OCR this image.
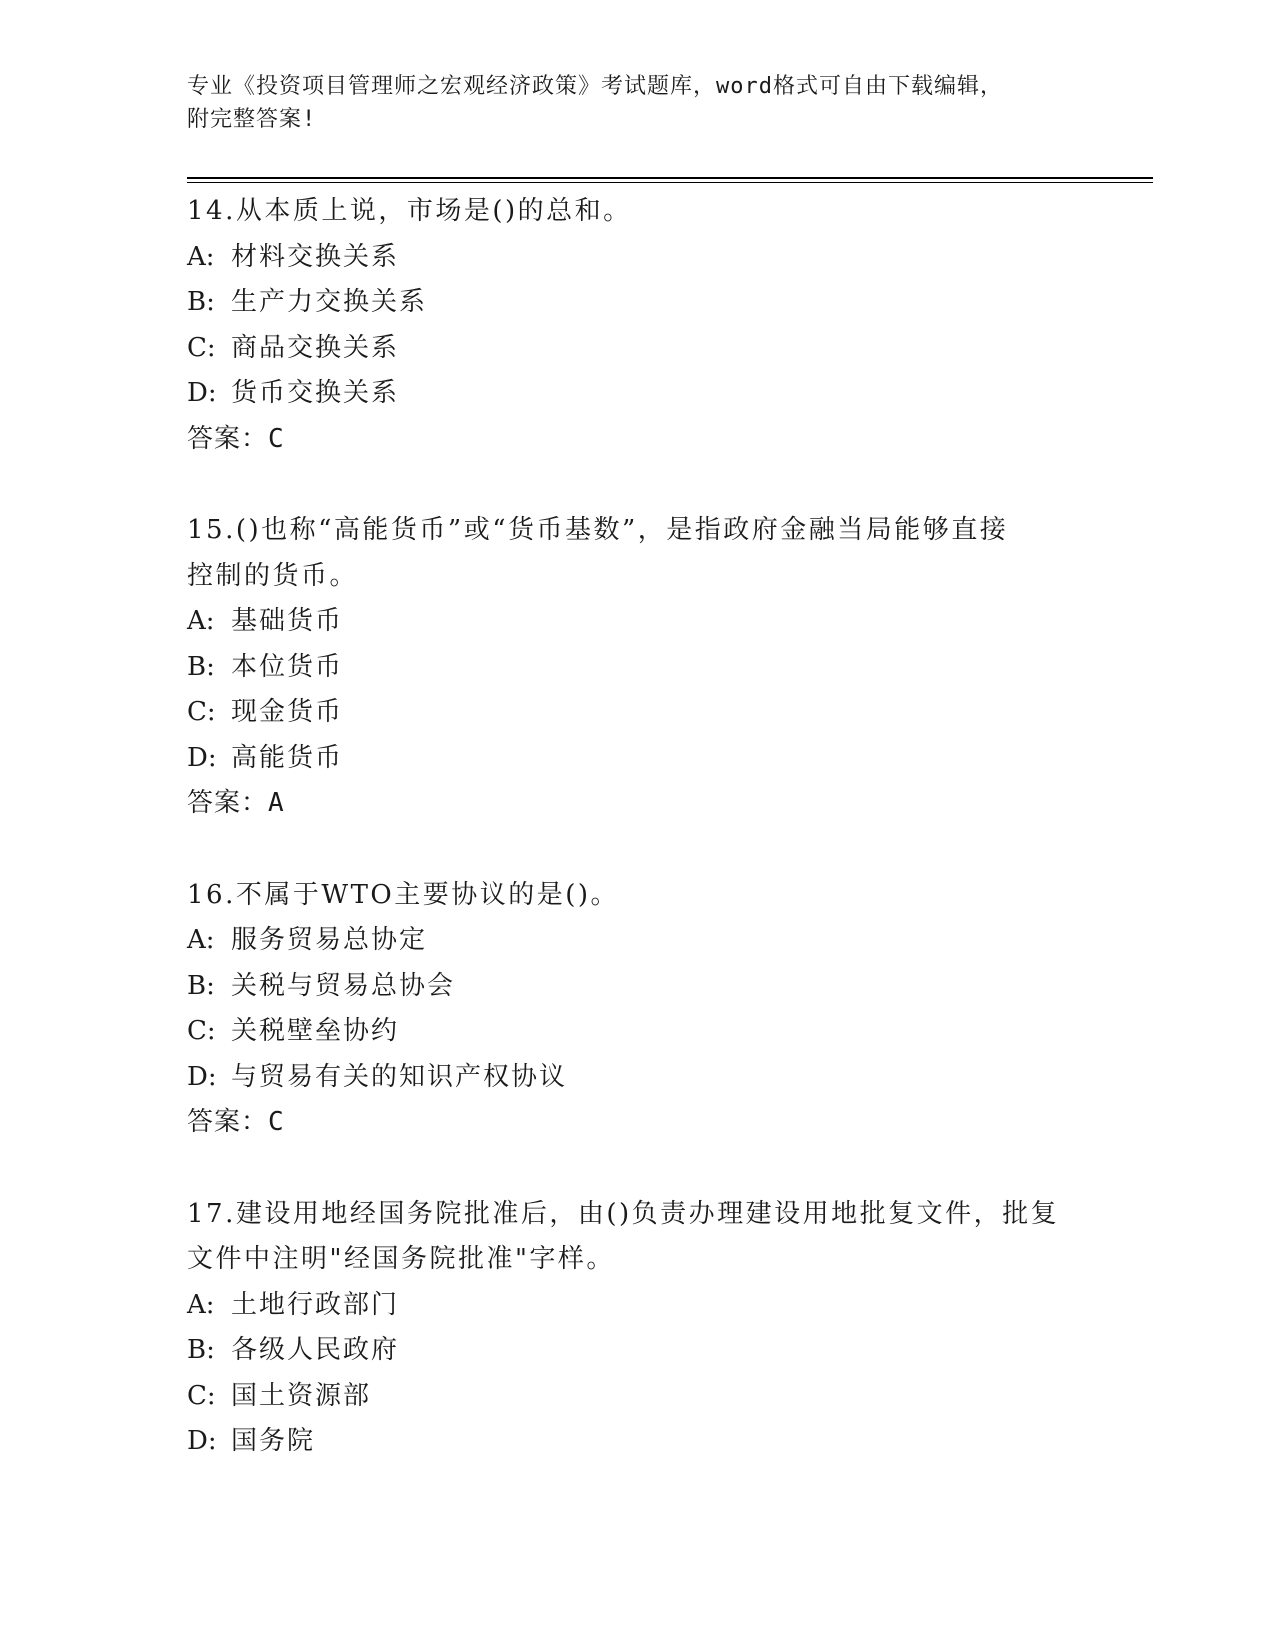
专业《投资项目管理师之宏观经济政策》考试题库，word格式可自由下载编辑，
附完整答案!

14.从本质上说，市场是()的总和。

A: 材料交换关系

B: 生产力交换关系

C: 商品交换关系

D: 货币交换关系

答案：C

15.()也称“高能货币”或“货币基数”，是指政府金融当局能够直接

控制的货币。

A: 基础货币

B: 本位货币

C: 现金货币

D: 高能货币

答案：A

16.不属于WTO主要协议的是()。

A: 服务贸易总协定

B: 关税与贸易总协会

C: 关税壁垒协约

D: 与贸易有关的知识产权协议

答案：C

17.建设用地经国务院批准后，由()负责办理建设用地批复文件，批复

文件中注明"经国务院批准"字样。

A: 土地行政部门

B: 各级人民政府

C: 国土资源部

D: 国务院
